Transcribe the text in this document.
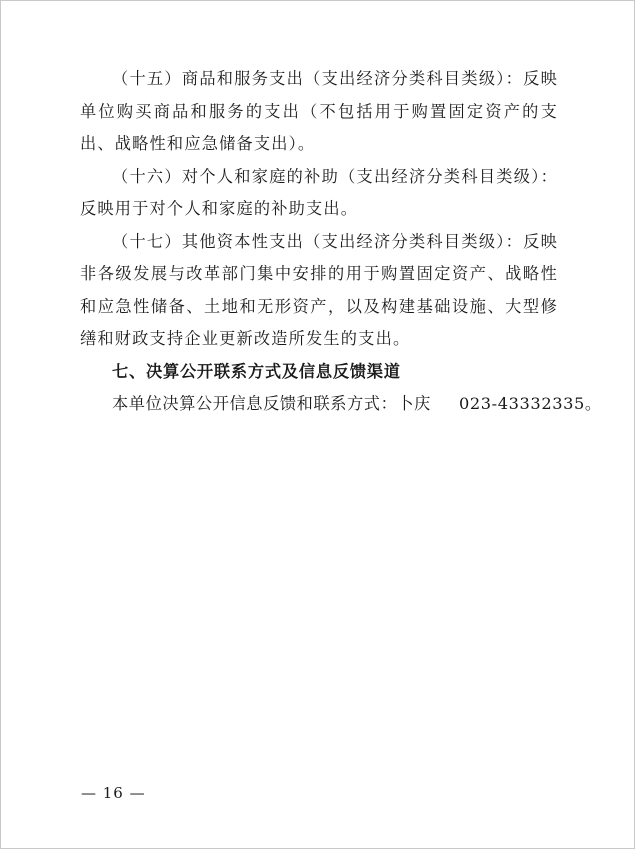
（十五）商品和服务支出（支出经济分类科目类级）：反映单位购买商品和服务的支出（不包括用于购置固定资产的支出、战略性和应急储备支出）。

（十六）对个人和家庭的补助（支出经济分类科目类级）：反映用于对个人和家庭的补助支出。

（十七）其他资本性支出（支出经济分类科目类级）：反映非各级发展与改革部门集中安排的用于购置固定资产、战略性和应急性储备、土地和无形资产，以及构建基础设施、大型修缮和财政支持企业更新改造所发生的支出。

七、决算公开联系方式及信息反馈渠道

本单位决算公开信息反馈和联系方式：卜庆 023-43332335。

— 16 —
